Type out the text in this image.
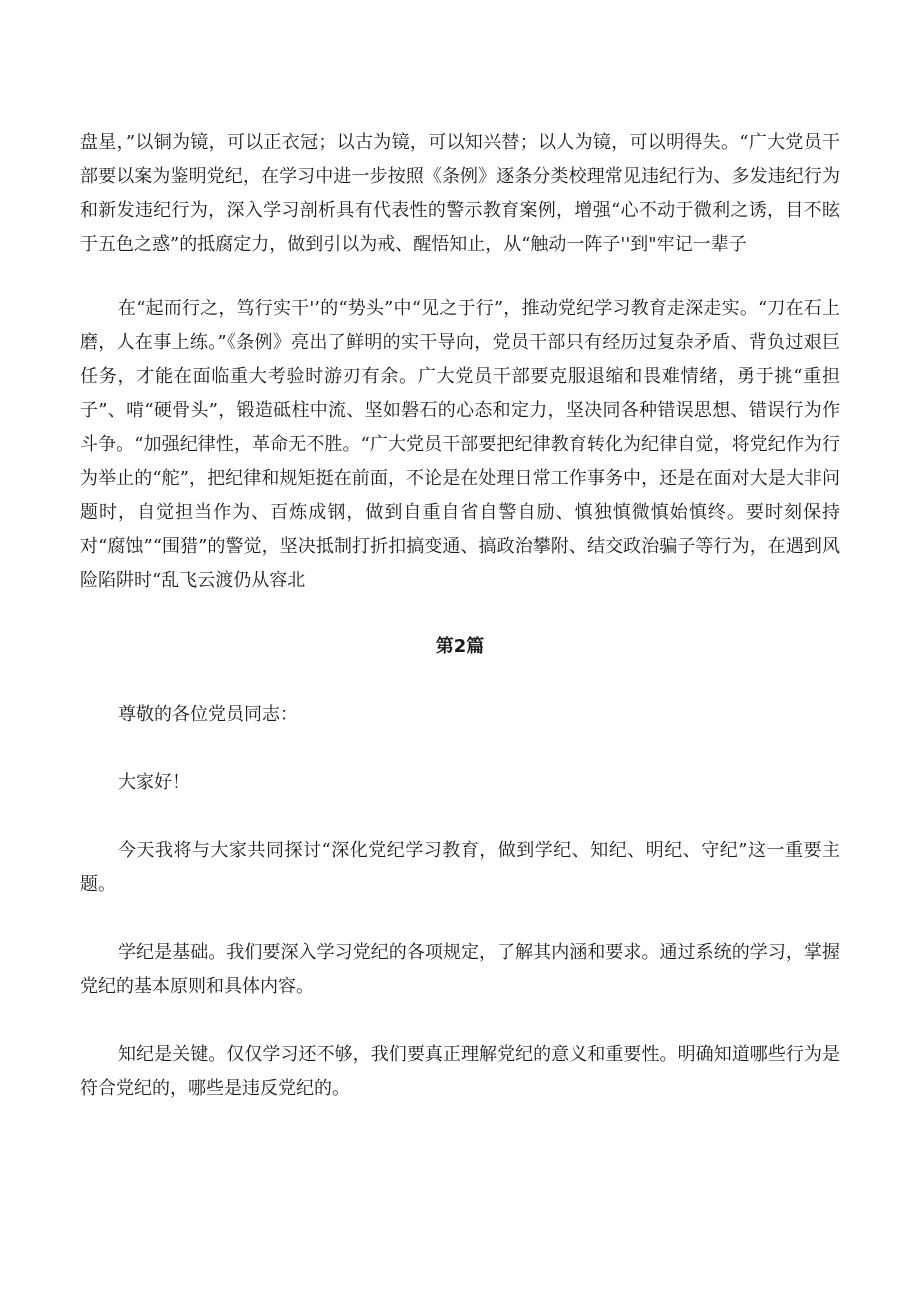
盘星，”以铜为镜，可以正衣冠；以古为镜，可以知兴替；以人为镜，可以明得失。“广大党员干部要以案为鉴明党纪，在学习中进一步按照《条例》逐条分类校理常见违纪行为、多发违纪行为和新发违纪行为，深入学习剖析具有代表性的警示教育案例，增强“心不动于微利之诱，目不眩于五色之惑”的抵腐定力，做到引以为戒、醒悟知止，从“触动一阵子''到"牢记一辈子

在“起而行之，笃行实干'’的“势头”中“见之于行”，推动党纪学习教育走深走实。“刀在石上磨，人在事上练。”《条例》亮出了鲜明的实干导向，党员干部只有经历过复杂矛盾、背负过艰巨任务，才能在面临重大考验时游刃有余。广大党员干部要克服退缩和畏难情绪，勇于挑“重担子”、啃“硬骨头”，锻造砥柱中流、坚如磐石的心态和定力，坚决同各种错误思想、错误行为作斗争。“加强纪律性，革命无不胜。“广大党员干部要把纪律教育转化为纪律自觉，将党纪作为行为举止的“舵”，把纪律和规矩挺在前面，不论是在处理日常工作事务中，还是在面对大是大非问题时，自觉担当作为、百炼成钢，做到自重自省自警自励、慎独慎微慎始慎终。要时刻保持对“腐蚀”“围猎”的警觉，坚决抵制打折扣搞变通、搞政治攀附、结交政治骗子等行为，在遇到风险陷阱时“乱飞云渡仍从容北

第2篇

尊敬的各位党员同志：

大家好！

今天我将与大家共同探讨“深化党纪学习教育，做到学纪、知纪、明纪、守纪”这一重要主题。

学纪是基础。我们要深入学习党纪的各项规定，了解其内涵和要求。通过系统的学习，掌握党纪的基本原则和具体内容。

知纪是关键。仅仅学习还不够，我们要真正理解党纪的意义和重要性。明确知道哪些行为是符合党纪的，哪些是违反党纪的。
